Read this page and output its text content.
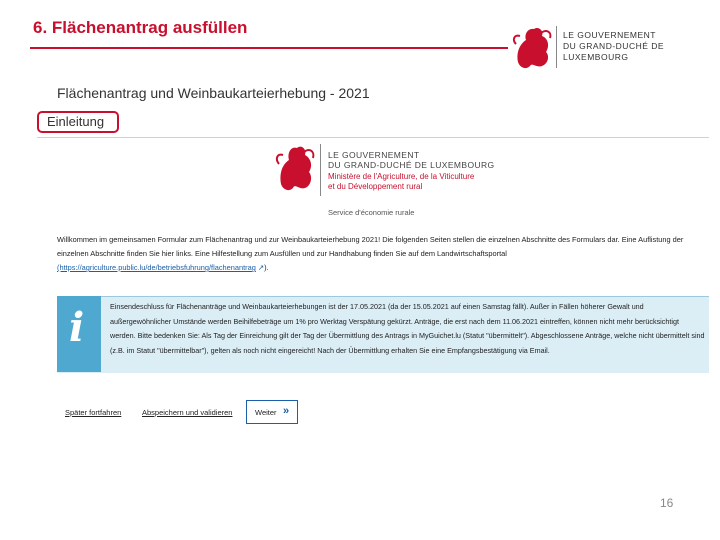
6. Flächenantrag ausfüllen	LE GOUVERNEMENT
DU GRAND-DUCHÉ DE LUXEMBOURG
Flächenantrag und Weinbaukarteierhebung - 2021
Einleitung
LE GOUVERNEMENT
DU GRAND-DUCHÉ DE LUXEMBOURG
Ministère de l'Agriculture, de la Viticulture
et du Développement rural
Service d'économie rurale
Willkommen im gemeinsamen Formular zum Flächenantrag und zur Weinbaukarteierhebung 2021! Die folgenden Seiten stellen die einzelnen Abschnitte des Formulars dar. Eine Auflistung der einzelnen Abschnitte finden Sie hier links. Eine Hilfestellung zum Ausfüllen und zur Handhabung finden Sie auf dem Landwirtschaftsportal (https://agriculture.public.lu/de/betriebsfuhrung/flachenantrag ↗).
i	Einsendeschluss für Flächenanträge und Weinbaukarteierhebungen ist der 17.05.2021 (da der 15.05.2021 auf einen Samstag fällt). Außer in Fällen höherer Gewalt und außergewöhnlicher Umstände werden Beihilfebeträge um 1% pro Werktag Verspätung gekürzt. Anträge, die erst nach dem 11.06.2021 eintreffen, können nicht mehr berücksichtigt werden. Bitte bedenken Sie: Als Tag der Einreichung gilt der Tag der Übermittlung des Antrags in MyGuichet.lu (Statut "übermittelt"). Abgeschlossene Anträge, welche nicht übermittelt sind (z.B. im Statut "übermittelbar"), gelten als noch nicht eingereicht! Nach der Übermittlung erhalten Sie eine Empfangsbestätigung via Email.
Später fortfahren	Abspeichern und validieren	Weiter »
16
